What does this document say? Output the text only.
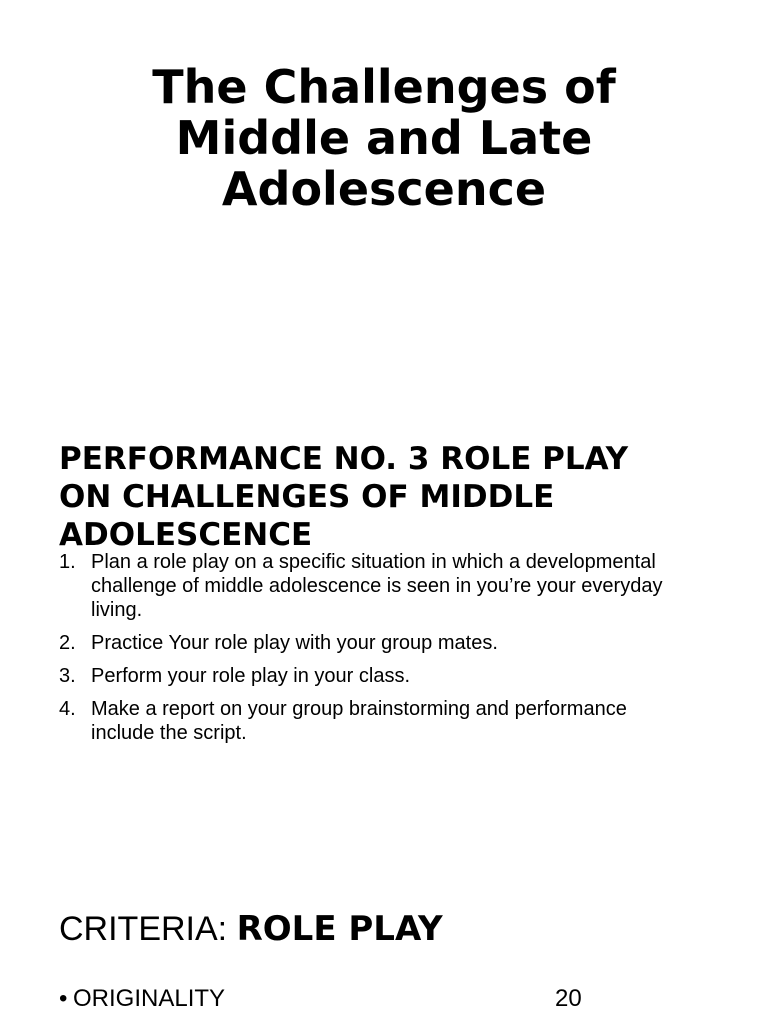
The Challenges of
Middle and Late
Adolescence
PERFORMANCE NO. 3 ROLE PLAY
ON CHALLENGES OF MIDDLE
ADOLESCENCE
1. Plan a role play on a specific situation in which a developmental
challenge of middle adolescence is seen in you’re your everyday
living.
2. Practice Your role play with your group mates.
3. Perform your role play in your class.
4. Make a report on your group brainstorming and performance
include the script.
CRITERIA: ROLE PLAY
• ORIGINALITY	20
